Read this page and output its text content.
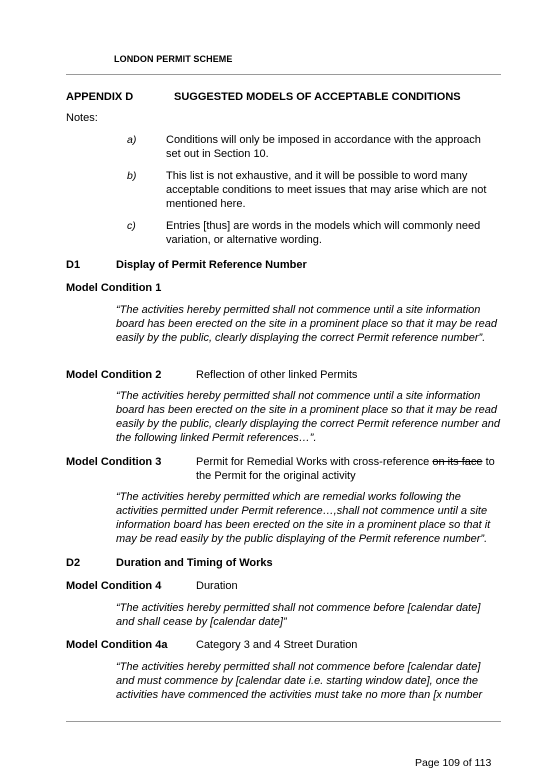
LONDON PERMIT SCHEME
APPENDIX D	SUGGESTED MODELS OF ACCEPTABLE CONDITIONS
Notes:
a)	Conditions will only be imposed in accordance with the approach set out in Section 10.
b)	This list is not exhaustive, and it will be possible to word many acceptable conditions to meet issues that may arise which are not mentioned here.
c)	Entries [thus] are words in the models which will commonly need variation, or alternative wording.
D1	Display of Permit Reference Number
Model Condition 1
“The activities hereby permitted shall not commence until a site information board has been erected on the site in a prominent place so that it may be read easily by the public, clearly displaying the correct Permit reference number”.
Model Condition 2	Reflection of other linked Permits
“The activities hereby permitted shall not commence until a site information board has been erected on the site in a prominent place so that it may be read easily by the public, clearly displaying the correct Permit reference number and the following linked Permit references…”.
Model Condition 3	Permit for Remedial Works with cross-reference on its face to the Permit for the original activity
“The activities hereby permitted which are remedial works following the activities permitted under Permit reference…,shall not commence until a site information board has been erected on the site in a prominent place so that it may be read easily by the public displaying of the Permit reference number”.
D2	Duration and Timing of Works
Model Condition 4	Duration
“The activities hereby permitted shall not commence before [calendar date] and shall cease by [calendar date]”
Model Condition 4a	Category 3 and 4 Street Duration
“The activities hereby permitted shall not commence before [calendar date] and must commence by [calendar date i.e. starting window date], once the activities have commenced the activities must take no more than [x number
Page 109 of 113
